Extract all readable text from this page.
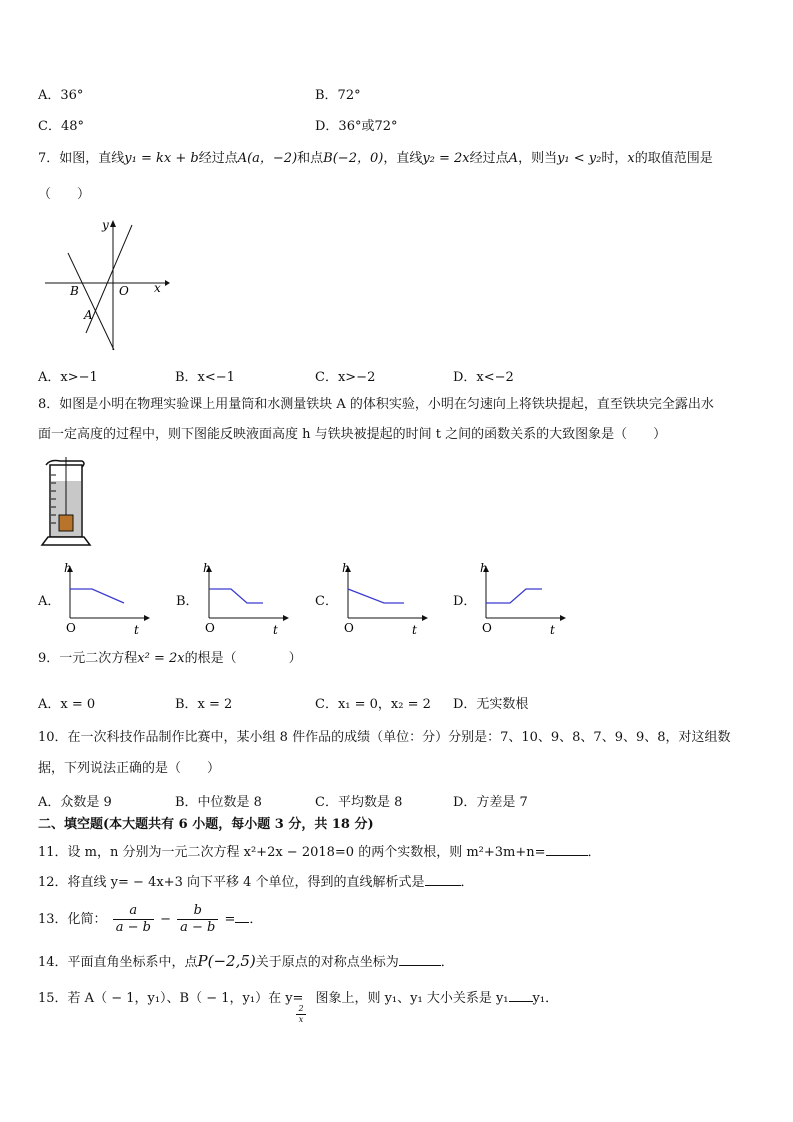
A．36°	B．72°
C．48°	D．36°或72°
7．如图，直线y₁ = kx + b经过点A(a，−2)和点B(−2，0)，直线y₂ = 2x经过点A，则当y₁ < y₂时，x的取值范围是
（　　）
y
x
B	O
A
A．x>−1	B．x<−1	C．x>−2	D．x<−2
8．如图是小明在物理实验课上用量筒和水测量铁块 A 的体积实验，小明在匀速向上将铁块提起，直至铁块完全露出水
面一定高度的过程中，则下图能反映液面高度 h 与铁块被提起的时间 t 之间的函数关系的大致图象是（　　）
A．	B．	C．	D．
h
t
O
h
t
O
h
t
O
h
t
O
9．一元二次方程x² = 2x的根是（　　　　）
A．x = 0	B．x = 2	C．x₁ = 0，x₂ = 2 D．无实数根
10．在一次科技作品制作比赛中，某小组 8 件作品的成绩（单位：分）分别是：7、10、9、8、7、9、9、8，对这组数
据，下列说法正确的是（　　）
A．众数是 9	B．中位数是 8	C．平均数是 8	D．方差是 7
二、填空题(本大题共有 6 小题，每小题 3 分，共 18 分)
11．设 m，n 分别为一元二次方程 x²+2x − 2018=0 的两个实数根，则 m²+3m+n=	．
12．将直线 y= − 4x+3 向下平移 4 个单位，得到的直线解析式是	．
13．化简： $\frac{a}{a - b} - \frac{b}{a - b}$ = ．
14．平面直角坐标系中，点P(−2,5)关于原点的对称点坐标为	．
15．若 A（ − 1，y₁）、B（ − 1，y₁）在 y= 图象上，则 y₁、y₁ 大小关系是 y₁ y₁．
2
x
